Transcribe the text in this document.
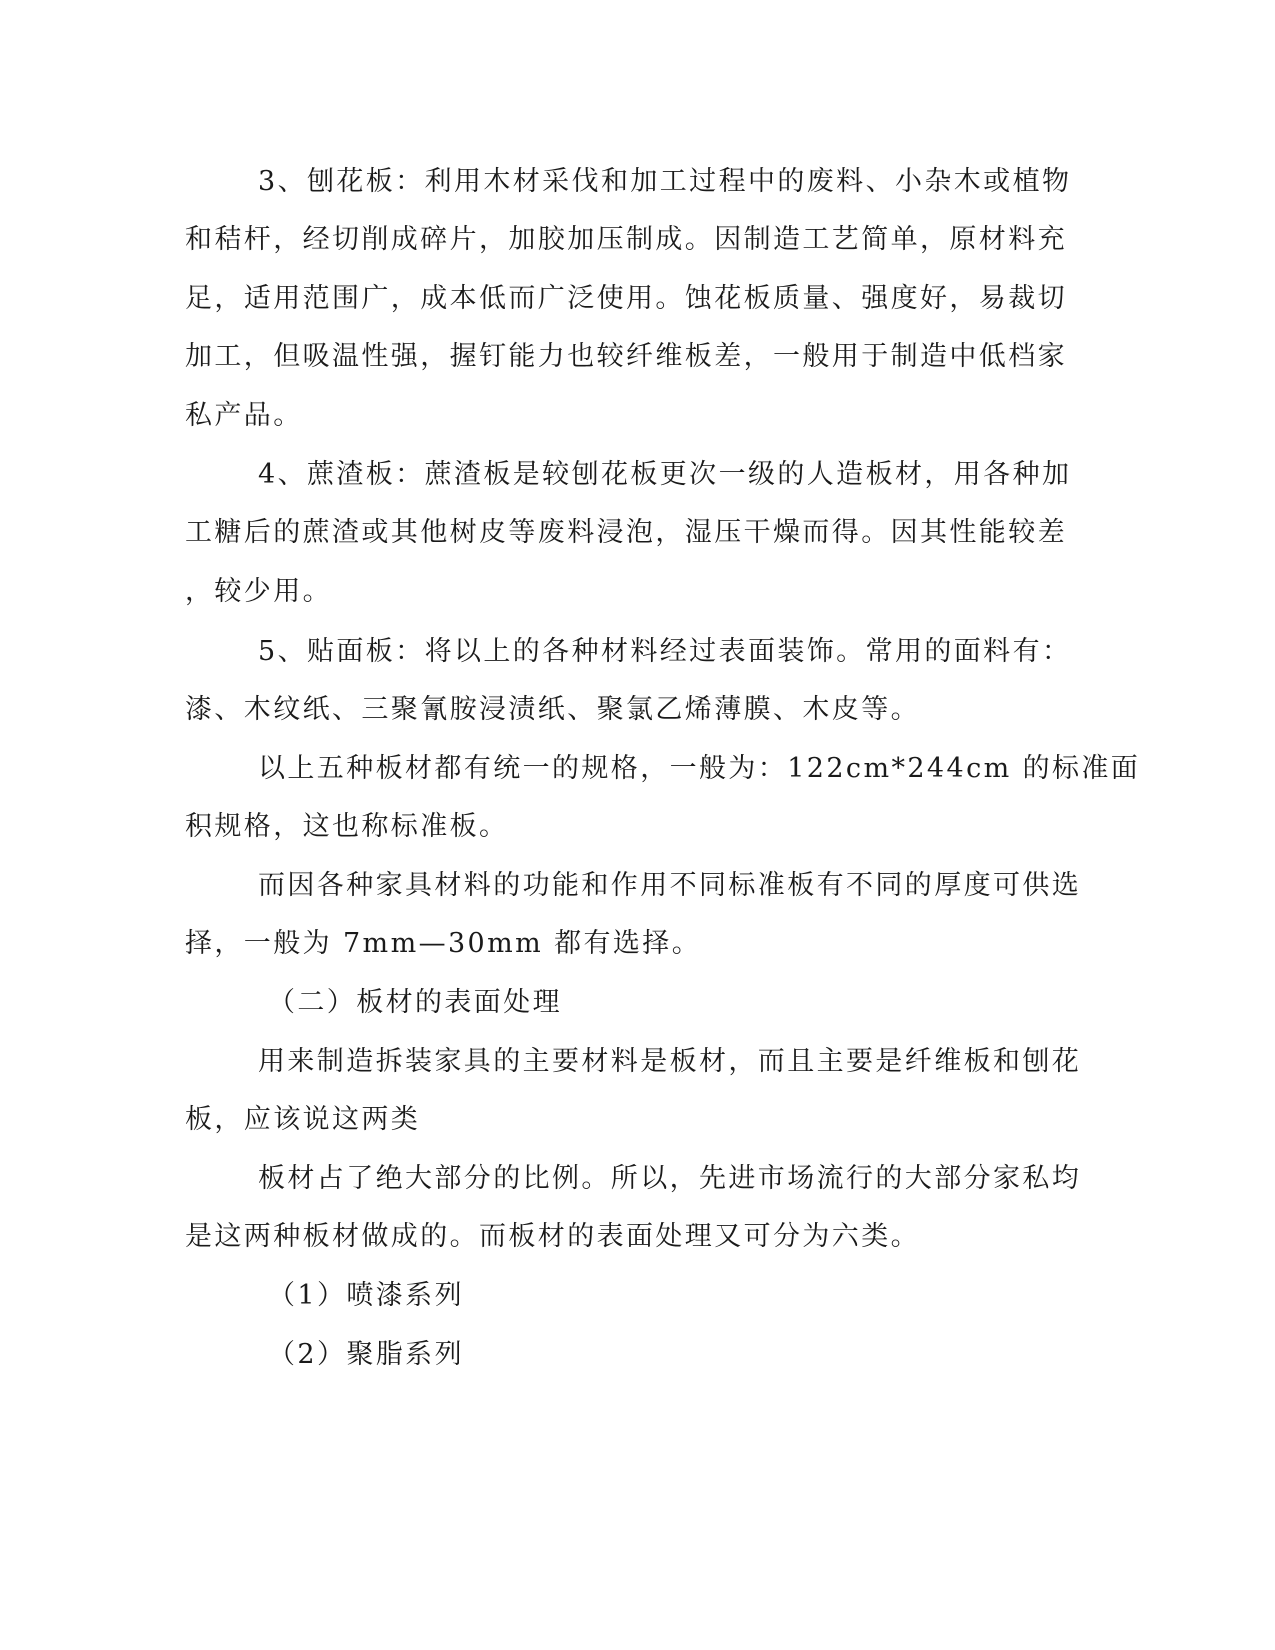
3、刨花板：利用木材采伐和加工过程中的废料、小杂木或植物
和秸杆，经切削成碎片，加胶加压制成。因制造工艺简单，原材料充
足，适用范围广，成本低而广泛使用。蚀花板质量、强度好，易裁切
加工，但吸温性强，握钉能力也较纤维板差，一般用于制造中低档家
私产品。
4、蔗渣板：蔗渣板是较刨花板更次一级的人造板材，用各种加
工糖后的蔗渣或其他树皮等废料浸泡，湿压干燥而得。因其性能较差
，较少用。
5、贴面板：将以上的各种材料经过表面装饰。常用的面料有：
漆、木纹纸、三聚氰胺浸渍纸、聚氯乙烯薄膜、木皮等。
以上五种板材都有统一的规格，一般为：122cm*244cm 的标准面
积规格，这也称标准板。
而因各种家具材料的功能和作用不同标准板有不同的厚度可供选
择，一般为 7mm—30mm 都有选择。
（二）板材的表面处理
用来制造拆装家具的主要材料是板材，而且主要是纤维板和刨花
板，应该说这两类
板材占了绝大部分的比例。所以，先进市场流行的大部分家私均
是这两种板材做成的。而板材的表面处理又可分为六类。
（1）喷漆系列
（2）聚脂系列
